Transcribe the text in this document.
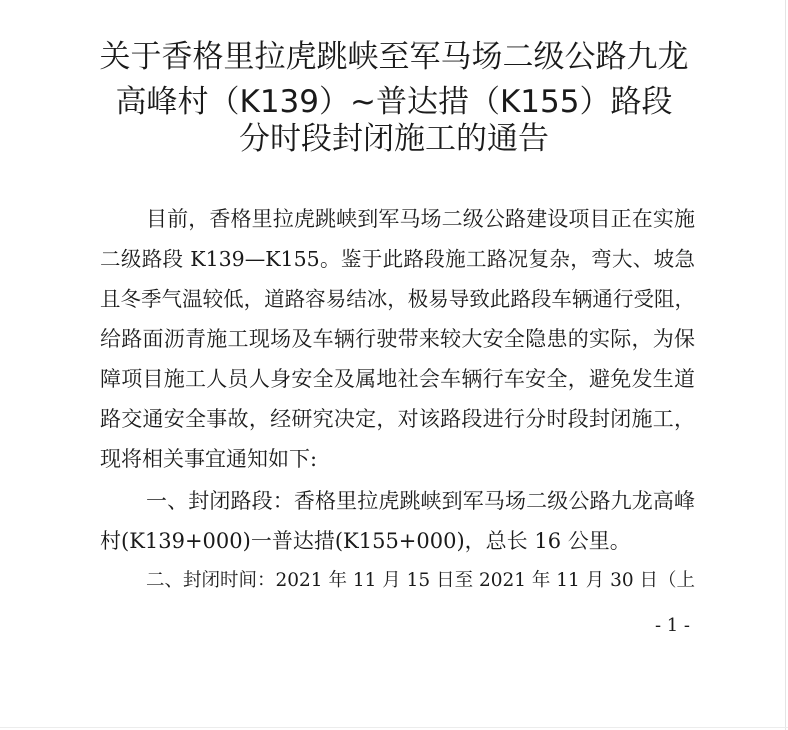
关于香格里拉虎跳峡至军马场二级公路九龙
高峰村（K139）~普达措（K155）路段
分时段封闭施工的通告
目前，香格里拉虎跳峡到军马场二级公路建设项目正在实施
二级路段 K139—K155。鉴于此路段施工路况复杂，弯大、坡急
且冬季气温较低，道路容易结冰，极易导致此路段车辆通行受阻，
给路面沥青施工现场及车辆行驶带来较大安全隐患的实际，为保
障项目施工人员人身安全及属地社会车辆行车安全，避免发生道
路交通安全事故，经研究决定，对该路段进行分时段封闭施工，
现将相关事宜通知如下:
一、封闭路段：香格里拉虎跳峡到军马场二级公路九龙高峰
村(K139+000)一普达措(K155+000)，总长 16 公里。
二、封闭时间：2021 年 11 月 15 日至 2021 年 11 月 30 日（上
- 1 -
